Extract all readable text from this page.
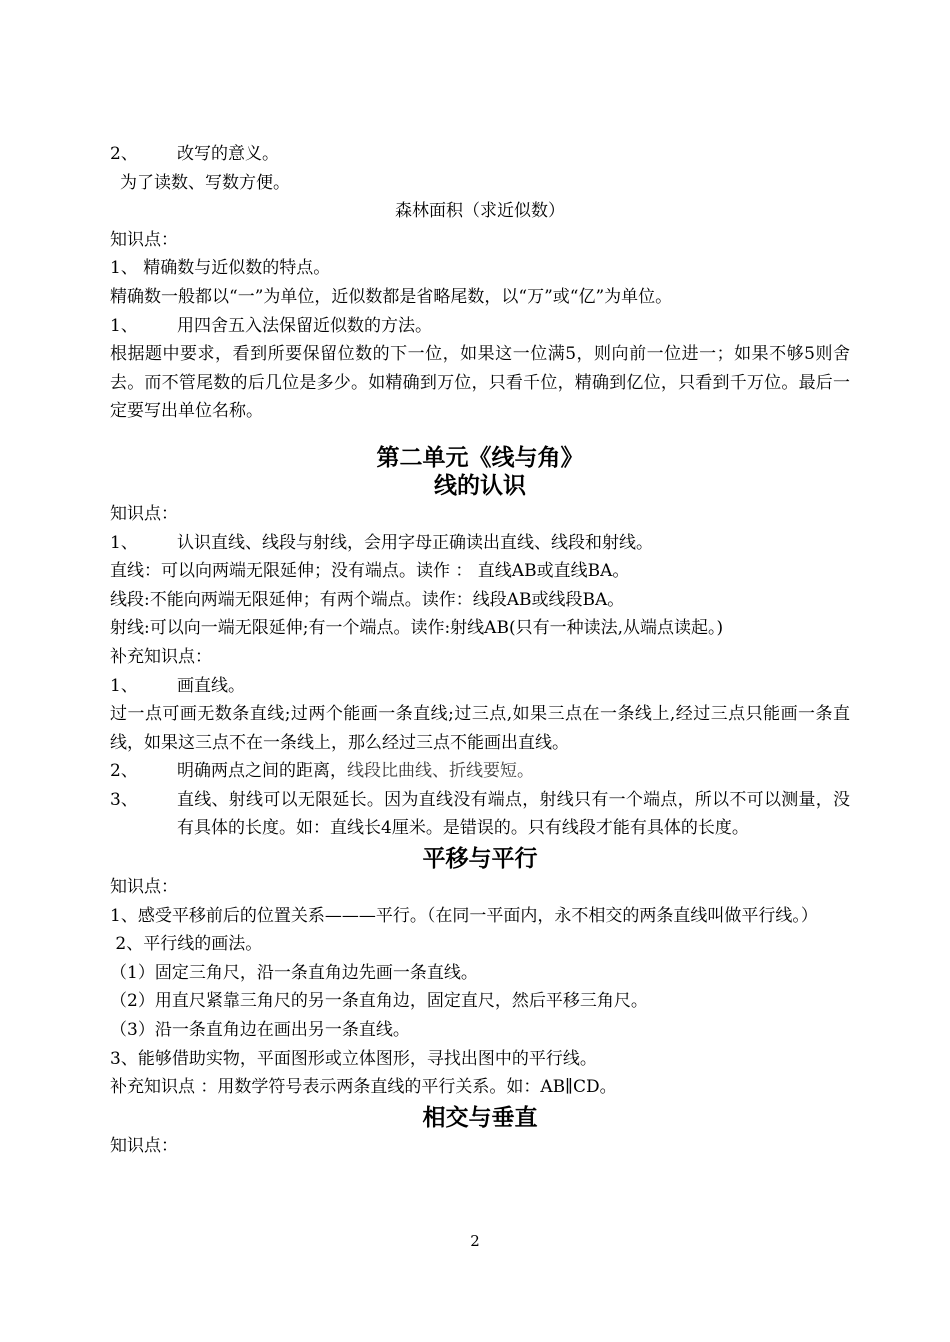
2、	改写的意义。

为了读数、写数方便。

森林面积（求近似数）

知识点：

1、 精确数与近似数的特点。

精确数一般都以“一”为单位，近似数都是省略尾数，以“万”或“亿”为单位。

1、	用四舍五入法保留近似数的方法。

根据题中要求，看到所要保留位数的下一位，如果这一位满5，则向前一位进一；如果不够5则舍去。而不管尾数的后几位是多少。如精确到万位，只看千位，精确到亿位，只看到千万位。最后一定要写出单位名称。

第二单元《线与角》

线的认识

知识点：

1、	认识直线、线段与射线，会用字母正确读出直线、线段和射线。

直线：可以向两端无限延伸；没有端点。读作 ： 直线AB或直线BA。

线段:不能向两端无限延伸；有两个端点。读作：线段AB或线段BA。

射线:可以向一端无限延伸;有一个端点。读作:射线AB(只有一种读法,从端点读起。)

补充知识点：

1、	画直线。

过一点可画无数条直线;过两个能画一条直线;过三点,如果三点在一条线上,经过三点只能画一条直线，如果这三点不在一条线上，那么经过三点不能画出直线。

2、	明确两点之间的距离，线段比曲线、折线要短。
3、	直线、射线可以无限延长。因为直线没有端点，射线只有一个端点，所以不可以测量，没有具体的长度。如：直线长4厘米。是错误的。只有线段才能有具体的长度。

平移与平行

知识点：

1、感受平移前后的位置关系———平行。（在同一平面内，永不相交的两条直线叫做平行线。）

2、平行线的画法。

（1）固定三角尺，沿一条直角边先画一条直线。

（2）用直尺紧靠三角尺的另一条直角边，固定直尺，然后平移三角尺。

（3）沿一条直角边在画出另一条直线。

3、能够借助实物，平面图形或立体图形，寻找出图中的平行线。

补充知识点 ：用数学符号表示两条直线的平行关系。如：AB∥CD。

相交与垂直

知识点：

2
